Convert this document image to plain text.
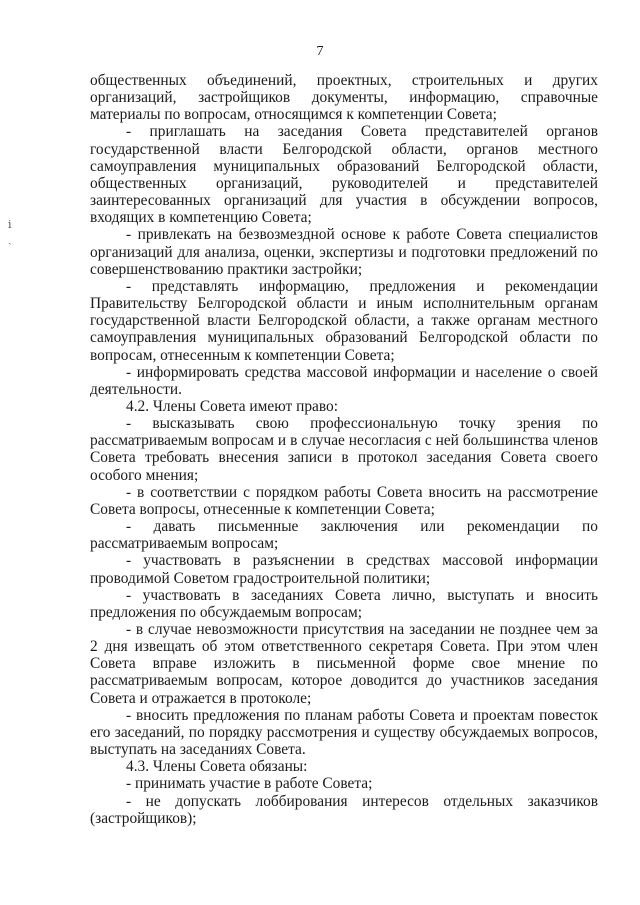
7
ⅰ
ˏ

общественных объединений, проектных, строительных и других организаций, застройщиков документы, информацию, справочные материалы по вопросам, относящимся к компетенции Совета;

- приглашать на заседания Совета представителей органов государственной власти Белгородской области, органов местного самоуправления муниципальных образований Белгородской области, общественных организаций, руководителей и представителей заинтересованных организаций для участия в обсуждении вопросов, входящих в компетенцию Совета;

- привлекать на безвозмездной основе к работе Совета специалистов организаций для анализа, оценки, экспертизы и подготовки предложений по совершенствованию практики застройки;

- представлять информацию, предложения и рекомендации Правительству Белгородской области и иным исполнительным органам государственной власти Белгородской области, а также органам местного самоуправления муниципальных образований Белгородской области по вопросам, отнесенным к компетенции Совета;

- информировать средства массовой информации и население о своей деятельности.

4.2. Члены Совета имеют право:

- высказывать свою профессиональную точку зрения по рассматриваемым вопросам и в случае несогласия с ней большинства членов Совета требовать внесения записи в протокол заседания Совета своего особого мнения;

- в соответствии с порядком работы Совета вносить на рассмотрение Совета вопросы, отнесенные к компетенции Совета;

- давать письменные заключения или рекомендации по рассматриваемым вопросам;

- участвовать в разъяснении в средствах массовой информации проводимой Советом градостроительной политики;

- участвовать в заседаниях Совета лично, выступать и вносить предложения по обсуждаемым вопросам;

- в случае невозможности присутствия на заседании не позднее чем за 2 дня извещать об этом ответственного секретаря Совета. При этом член Совета вправе изложить в письменной форме свое мнение по рассматриваемым вопросам, которое доводится до участников заседания Совета и отражается в протоколе;

- вносить предложения по планам работы Совета и проектам повесток его заседаний, по порядку рассмотрения и существу обсуждаемых вопросов, выступать на заседаниях Совета.

4.3. Члены Совета обязаны:

- принимать участие в работе Совета;

- не допускать лоббирования интересов отдельных заказчиков (застройщиков);
